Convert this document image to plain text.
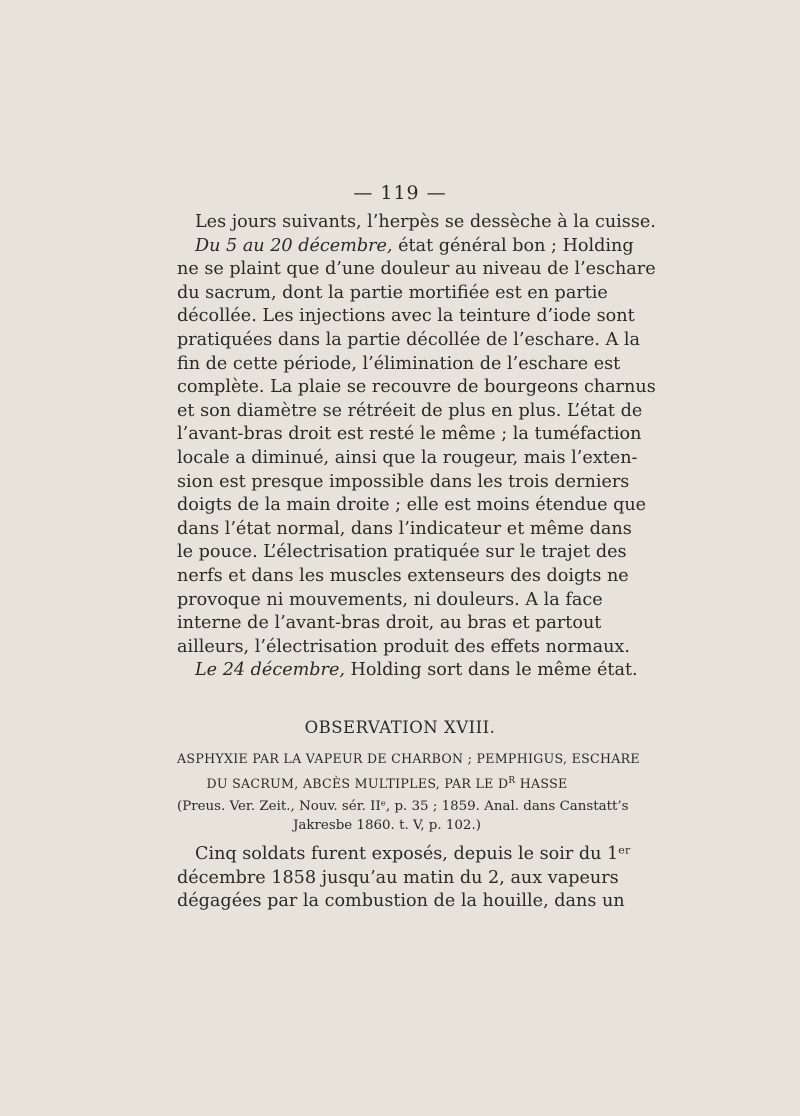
— 119 —
Les jours suivants, l’herpès se dessèche à la cuisse.
Du 5 au 20 décembre, état général bon ; Holding
ne se plaint que d’une douleur au niveau de l’eschare
du sacrum, dont la partie mortifiée est en partie
décollée. Les injections avec la teinture d’iode sont
pratiquées dans la partie décollée de l’eschare. A la
fin de cette période, l’élimination de l’eschare est
complète. La plaie se recouvre de bourgeons charnus
et son diamètre se rétréeit de plus en plus. L’état de
l’avant-bras droit est resté le même ; la tuméfaction
locale a diminué, ainsi que la rougeur, mais l’exten-
sion est presque impossible dans les trois derniers
doigts de la main droite ; elle est moins étendue que
dans l’état normal, dans l’indicateur et même dans
le pouce. L’électrisation pratiquée sur le trajet des
nerfs et dans les muscles extenseurs des doigts ne
provoque ni mouvements, ni douleurs. A la face
interne de l’avant-bras droit, au bras et partout
ailleurs, l’électrisation produit des effets normaux.
Le 24 décembre, Holding sort dans le même état.
OBSERVATION XVIII.
ASPHYXIE PAR LA VAPEUR DE CHARBON ; PEMPHIGUS, ESCHARE
DU SACRUM, ABCÈS MULTIPLES, PAR LE $D^R$ HASSE
(Preus. Ver. Zeit., Nouv. sér. IIᵉ, p. 35 ; 1859. Anal. dans Canstatt’s
Jakresbe 1860. t. V, p. 102.)
Cinq soldats furent exposés, depuis le soir du 1ᵉʳ
décembre 1858 jusqu’au matin du 2, aux vapeurs
dégagées par la combustion de la houille, dans un
